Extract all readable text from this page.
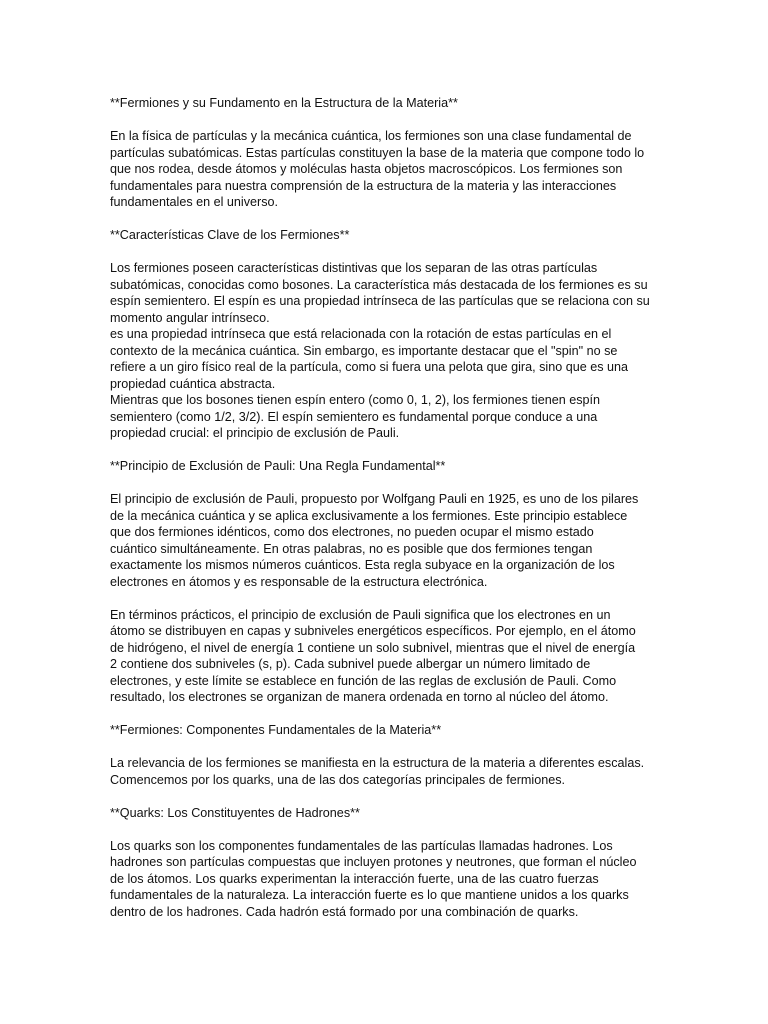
**Fermiones y su Fundamento en la Estructura de la Materia**
En la física de partículas y la mecánica cuántica, los fermiones son una clase fundamental de
partículas subatómicas. Estas partículas constituyen la base de la materia que compone todo lo
que nos rodea, desde átomos y moléculas hasta objetos macroscópicos. Los fermiones son
fundamentales para nuestra comprensión de la estructura de la materia y las interacciones
fundamentales en el universo.
**Características Clave de los Fermiones**
Los fermiones poseen características distintivas que los separan de las otras partículas
subatómicas, conocidas como bosones. La característica más destacada de los fermiones es su
espín semientero. El espín es una propiedad intrínseca de las partículas que se relaciona con su
momento angular intrínseco.
es una propiedad intrínseca que está relacionada con la rotación de estas partículas en el
contexto de la mecánica cuántica. Sin embargo, es importante destacar que el "spin" no se
refiere a un giro físico real de la partícula, como si fuera una pelota que gira, sino que es una
propiedad cuántica abstracta.
Mientras que los bosones tienen espín entero (como 0, 1, 2), los fermiones tienen espín
semientero (como 1/2, 3/2). El espín semientero es fundamental porque conduce a una
propiedad crucial: el principio de exclusión de Pauli.
**Principio de Exclusión de Pauli: Una Regla Fundamental**
El principio de exclusión de Pauli, propuesto por Wolfgang Pauli en 1925, es uno de los pilares
de la mecánica cuántica y se aplica exclusivamente a los fermiones. Este principio establece
que dos fermiones idénticos, como dos electrones, no pueden ocupar el mismo estado
cuántico simultáneamente. En otras palabras, no es posible que dos fermiones tengan
exactamente los mismos números cuánticos. Esta regla subyace en la organización de los
electrones en átomos y es responsable de la estructura electrónica.
En términos prácticos, el principio de exclusión de Pauli significa que los electrones en un
átomo se distribuyen en capas y subniveles energéticos específicos. Por ejemplo, en el átomo
de hidrógeno, el nivel de energía 1 contiene un solo subnivel, mientras que el nivel de energía
2 contiene dos subniveles (s, p). Cada subnivel puede albergar un número limitado de
electrones, y este límite se establece en función de las reglas de exclusión de Pauli. Como
resultado, los electrones se organizan de manera ordenada en torno al núcleo del átomo.
**Fermiones: Componentes Fundamentales de la Materia**
La relevancia de los fermiones se manifiesta en la estructura de la materia a diferentes escalas.
Comencemos por los quarks, una de las dos categorías principales de fermiones.
**Quarks: Los Constituyentes de Hadrones**
Los quarks son los componentes fundamentales de las partículas llamadas hadrones. Los
hadrones son partículas compuestas que incluyen protones y neutrones, que forman el núcleo
de los átomos. Los quarks experimentan la interacción fuerte, una de las cuatro fuerzas
fundamentales de la naturaleza. La interacción fuerte es lo que mantiene unidos a los quarks
dentro de los hadrones. Cada hadrón está formado por una combinación de quarks.
